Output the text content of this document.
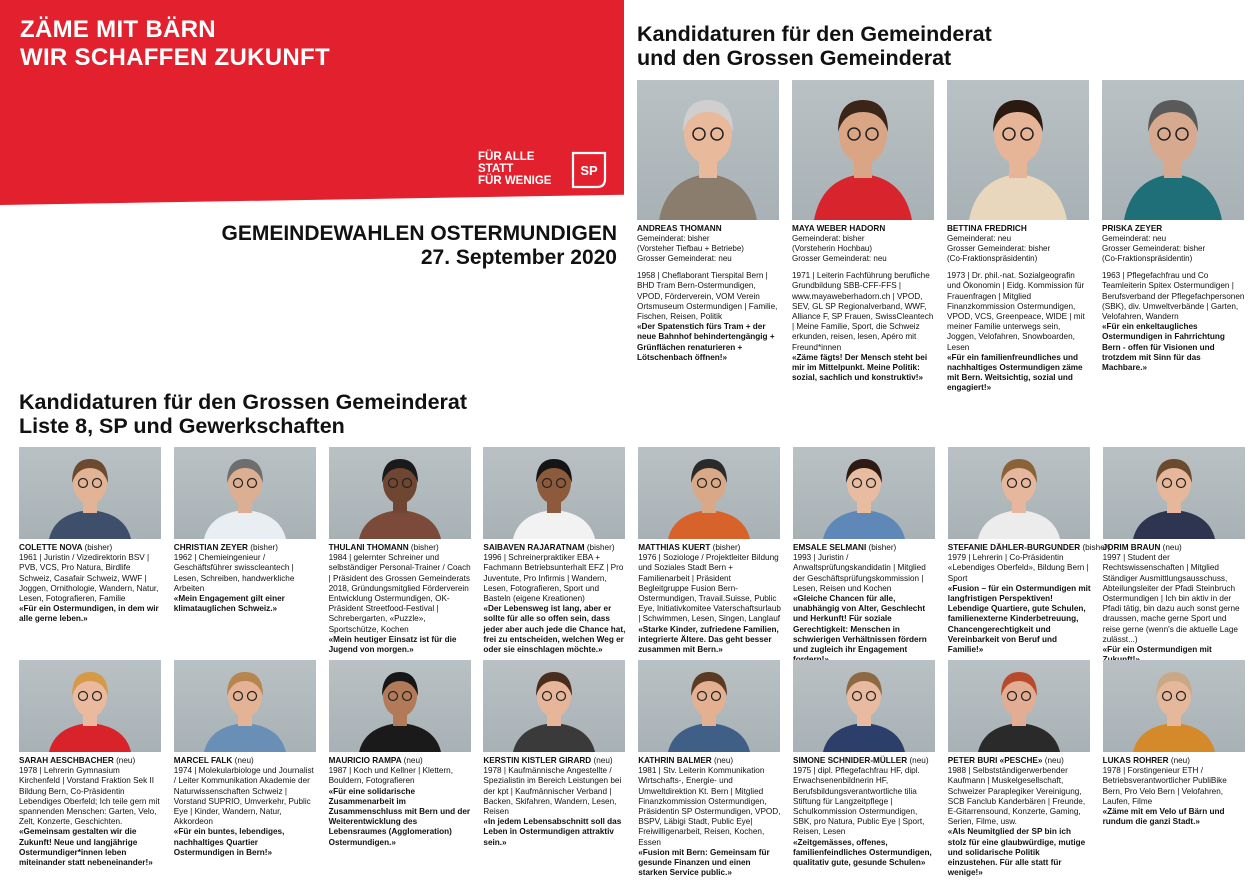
ZÄME MIT BÄRN
WIR SCHAFFEN ZUKUNFT
FÜR ALLE
STATT
FÜR WENIGE
SP
GEMEINDEWAHLEN OSTERMUNDIGEN
27. September 2020
Kandidaturen für den Gemeinderat
und den Grossen Gemeinderat
Kandidaturen für den Grossen Gemeinderat
Liste 8, SP und Gewerkschaften
ANDREAS THOMANN
Gemeinderat: bisher
(Vorsteher Tiefbau + Betriebe)
Grosser Gemeinderat: neu

1958 | Cheflaborant Tierspital Bern | BHD Tram Bern-Ostermundigen, VPOD, Förderverein, VOM Verein Ortsmuseum Ostermundigen | Familie, Fischen, Reisen, Politik

«Der Spatenstich fürs Tram + der neue Bahnhof behindertengängig + Grünflächen renaturieren + Lötschenbach öffnen!»

MAYA WEBER HADORN
Gemeinderat: bisher
(Vorsteherin Hochbau)
Grosser Gemeinderat: neu

1971 | Leiterin Fachführung berufliche Grundbildung SBB-CFF-FFS | www.mayaweberhadorn.ch | VPOD, SEV, GL SP Regionalverband, WWF, Alliance F, SP Frauen, SwissCleantech | Meine Familie, Sport, die Schweiz erkunden, reisen, lesen, Apéro mit Freund*innen

«Zäme fägts! Der Mensch steht bei mir im Mittelpunkt. Meine Politik: sozial, sachlich und konstruktiv!»

BETTINA FREDRICH
Gemeinderat: neu
Grosser Gemeinderat: bisher
(Co-Fraktionspräsidentin)

1973 | Dr. phil.-nat. Sozialgeografin und Ökonomin | Eidg. Kommission für Frauenfragen | Mitglied Finanzkommission Ostermundigen, VPOD, VCS, Greenpeace, WIDE | mit meiner Familie unterwegs sein, Joggen, Velofahren, Snowboarden, Lesen

«Für ein familienfreundliches und nachhaltiges Ostermundigen zäme mit Bern. Weitsichtig, sozial und engagiert!»

PRISKA ZEYER
Gemeinderat: neu
Grosser Gemeinderat: bisher
(Co-Fraktionspräsidentin)

1963 | Pflegefachfrau und Co Teamleiterin Spitex Ostermundigen | Berufsverband der Pflegefachpersonen (SBK), div. Umweltverbände | Garten, Velofahren, Wandern

«Für ein enkeltaugliches Ostermundigen in Fahrrichtung Bern - offen für Visionen und trotzdem mit Sinn für das Machbare.»

COLETTE NOVA (bisher)

1961 | Juristin / Vizedirektorin BSV | PVB, VCS, Pro Natura, Birdlife Schweiz, Casafair Schweiz, WWF | Joggen, Ornithologie, Wandern, Natur, Lesen, Fotografieren, Familie

«Für ein Ostermundigen, in dem wir alle gerne leben.»

CHRISTIAN ZEYER (bisher)

1962 | Chemieingenieur / Geschäftsführer swisscleantech | Lesen, Schreiben, handwerkliche Arbeiten

«Mein Engagement gilt einer klimatauglichen Schweiz.»

THULANI THOMANN (bisher)

1984 | gelernter Schreiner und selbständiger Personal-Trainer / Coach | Präsident des Grossen Gemeinderats 2018, Gründungsmitglied Förderverein Entwicklung Ostermundigen, OK-Präsident Streetfood-Festival | Schrebergarten, «Puzzle», Sportschütze, Kochen

«Mein heutiger Einsatz ist für die Jugend von morgen.»

SAIBAVEN RAJARATNAM (bisher)

1996 | Schreinerpraktiker EBA + Fachmann Betriebsunterhalt EFZ | Pro Juventute, Pro Infirmis | Wandern, Lesen, Fotografieren, Sport und Basteln (eigene Kreationen)

«Der Lebensweg ist lang, aber er sollte für alle so offen sein, dass jeder aber auch jede die Chance hat, frei zu entscheiden, welchen Weg er oder sie einschlagen möchte.»

MATTHIAS KUERT (bisher)

1976 | Soziologe / Projektleiter Bildung und Soziales Stadt Bern + Familienarbeit | Präsident Begleitgruppe Fusion Bern-Ostermundigen, Travail.Suisse, Public Eye, Initiativkomitee Vaterschaftsurlaub | Schwimmen, Lesen, Singen, Langlauf

«Starke Kinder, zufriedene Familien, integrierte Ältere. Das geht besser zusammen mit Bern.»

EMSALE SELMANI (bisher)

1993 | Juristin / Anwaltsprüfungskandidatin | Mitglied der Geschäftsprüfungskommission | Lesen, Reisen und Kochen

«Gleiche Chancen für alle, unabhängig von Alter, Geschlecht und Herkunft! Für soziale Gerechtigkeit: Menschen in schwierigen Verhältnissen fördern und zugleich ihr Engagement

STEFANIE DÄHLER-BURGUNDER (bisher)

1979 | Lehrerin | Co-Präsidentin «Lebendiges Oberfeld», Bildung Bern | Sport

«Fusion – für ein Ostermundigen mit langfristigen Perspektiven! Lebendige Quartiere, gute Schulen, familienexterne Kinderbetreuung, Chancengerechtigkeit und Vereinbarkeit von Beruf und Familie!»

JORIM BRAUN (neu)

1997 | Student der Rechtswissenschaften | Mitglied Ständiger Ausmittlungsausschuss, Abteilungsleiter der Pfadi Steinbruch Ostermundigen | Ich bin aktiv in der Pfadi tätig, bin dazu auch sonst gerne draussen, mache gerne Sport und reise gerne (wenn's die aktuelle Lage zulässt...)

«Für ein Ostermundigen mit

SARAH AESCHBACHER (neu)

1978 | Lehrerin Gymnasium Kirchenfeld | Vorstand Fraktion Sek II Bildung Bern, Co-Präsidentin Lebendiges Oberfeld; Ich teile gern mit spannenden Menschen: Garten, Velo, Zelt, Konzerte, Geschichten.

«Gemeinsam gestalten wir die Zukunft! Neue und langjährige Ostermundiger*innen leben miteinander statt nebeneinander!»

MARCEL FALK (neu)

1974 | Molekularbiologe und Journalist / Leiter Kommunikation Akademie der Naturwissenschaften Schweiz | Vorstand SUPRIO, Umverkehr, Public Eye | Kinder, Wandern, Natur, Akkordeon

«Für ein buntes, lebendiges, nachhaltiges Quartier Ostermundigen in Bern!»

MAURICIO RAMPA (neu)

1987 | Koch und Kellner | Klettern, Bouldern, Fotografieren

«Für eine solidarische Zusammenarbeit im Zusammenschluss mit Bern und der Weiterentwicklung des Lebensraumes (Agglomeration) Ostermundigen.»

KERSTIN KISTLER GIRARD (neu)

1978 | Kaufmännische Angestellte / Spezialistin im Bereich Leistungen bei der kpt | Kaufmännischer Verband | Backen, Skifahren, Wandern, Lesen, Reisen

«In jedem Lebensabschnitt soll das Leben in Ostermundigen attraktiv sein.»

KATHRIN BALMER (neu)

1981 | Stv. Leiterin Kommunikation Wirtschafts-, Energie- und Umweltdirektion Kt. Bern | Mitglied Finanzkommission Ostermundigen, Präsidentin SP Ostermundigen, VPOD, BSPV, Läbigi Stadt, Public Eye| Freiwilligenarbeit, Reisen, Kochen, Essen

«Fusion mit Bern: Gemeinsam für gesunde Finanzen und einen starken Service public.»

SIMONE SCHNIDER-MÜLLER (neu)

1975 | dipl. Pflegefachfrau HF, dipl. Erwachsenenbildnerin HF, Berufsbildungsverantwortliche tilia Stiftung für Langzeitpflege | Schulkommission Ostermundigen, SBK, pro Natura, Public Eye | Sport, Reisen, Lesen

«Zeitgemässes, offenes, familienfeindliches Ostermundigen, qualitativ gute, gesunde Schulen»

PETER BURI «PESCHE» (neu)

1988 | Selbstständigerwerbender Kaufmann | Muskelgesellschaft, Schweizer Paraplegiker Vereinigung, SCB Fanclub Kanderbären | Freunde, E-Gitarrensound, Konzerte, Gaming, Serien, Filme, usw.

«Als Neumitglied der SP bin ich stolz für eine glaubwürdige, mutige und solidarische Politik einzustehen. Für alle statt für wenige!»

LUKAS ROHRER (neu)

1978 | Forstingenieur ETH / Betriebsverantwortlicher PubliBike Bern, Pro Velo Bern | Velofahren, Laufen, Filme

«Zäme mit em Velo uf Bärn und rundum die ganzi Stadt.»
